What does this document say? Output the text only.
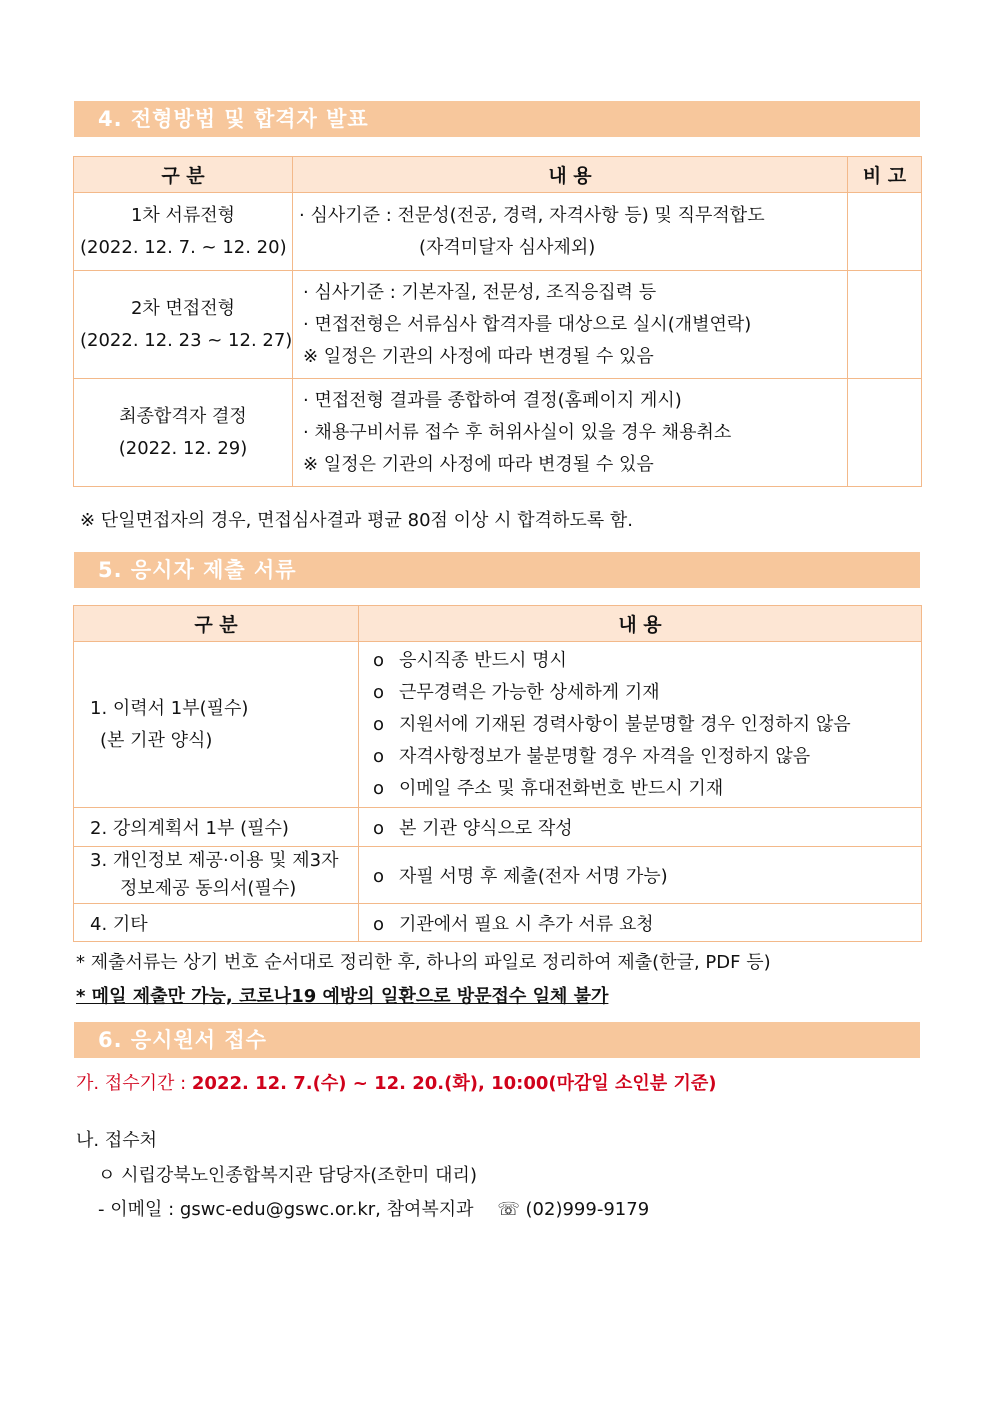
4. 전형방법 및 합격자 발표
구 분	내 용	비 고

1차 서류전형
(2022. 12. 7. ~ 12. 20)	· 심사기준 : 전문성(전공, 경력, 자격사항 등) 및 직무적합도
(자격미달자 심사제외)	

2차 면접전형
(2022. 12. 23 ~ 12. 27)	· 심사기준 : 기본자질, 전문성, 조직응집력 등
· 면접전형은 서류심사 합격자를 대상으로 실시(개별연락)
※ 일정은 기관의 사정에 따라 변경될 수 있음	

최종합격자 결정
(2022. 12. 29)	· 면접전형 결과를 종합하여 결정(홈페이지 게시)
· 채용구비서류 접수 후 허위사실이 있을 경우 채용취소
※ 일정은 기관의 사정에 따라 변경될 수 있음	

※ 단일면접자의 경우, 면접심사결과 평균 80점 이상 시 합격하도록 함.
5. 응시자 제출 서류
구 분	내 용

1. 이력서 1부(필수)
(본 기관 양식)	o 응시직종 반드시 명시
o 근무경력은 가능한 상세하게 기재
o 지원서에 기재된 경력사항이 불분명할 경우 인정하지 않음
o 자격사항정보가 불분명할 경우 자격을 인정하지 않음
o 이메일 주소 및 휴대전화번호 반드시 기재

2. 강의계획서 1부 (필수)	o 본 기관 양식으로 작성

3. 개인정보 제공·이용 및 제3자
정보제공 동의서(필수)	o 자필 서명 후 제출(전자 서명 가능)
4. 기타	o 기관에서 필요 시 추가 서류 요청
* 제출서류는 상기 번호 순서대로 정리한 후, 하나의 파일로 정리하여 제출(한글, PDF 등)
* 메일 제출만 가능, 코로나19 예방의 일환으로 방문접수 일체 불가
6. 응시원서 접수
가. 접수기간 : 2022. 12. 7.(수) ~ 12. 20.(화), 10:00(마감일 소인분 기준)
나. 접수처
ㅇ 시립강북노인종합복지관 담당자(조한미 대리)
- 이메일 : gswc-edu@gswc.or.kr, 참여복지과 ☏ (02)999-9179
